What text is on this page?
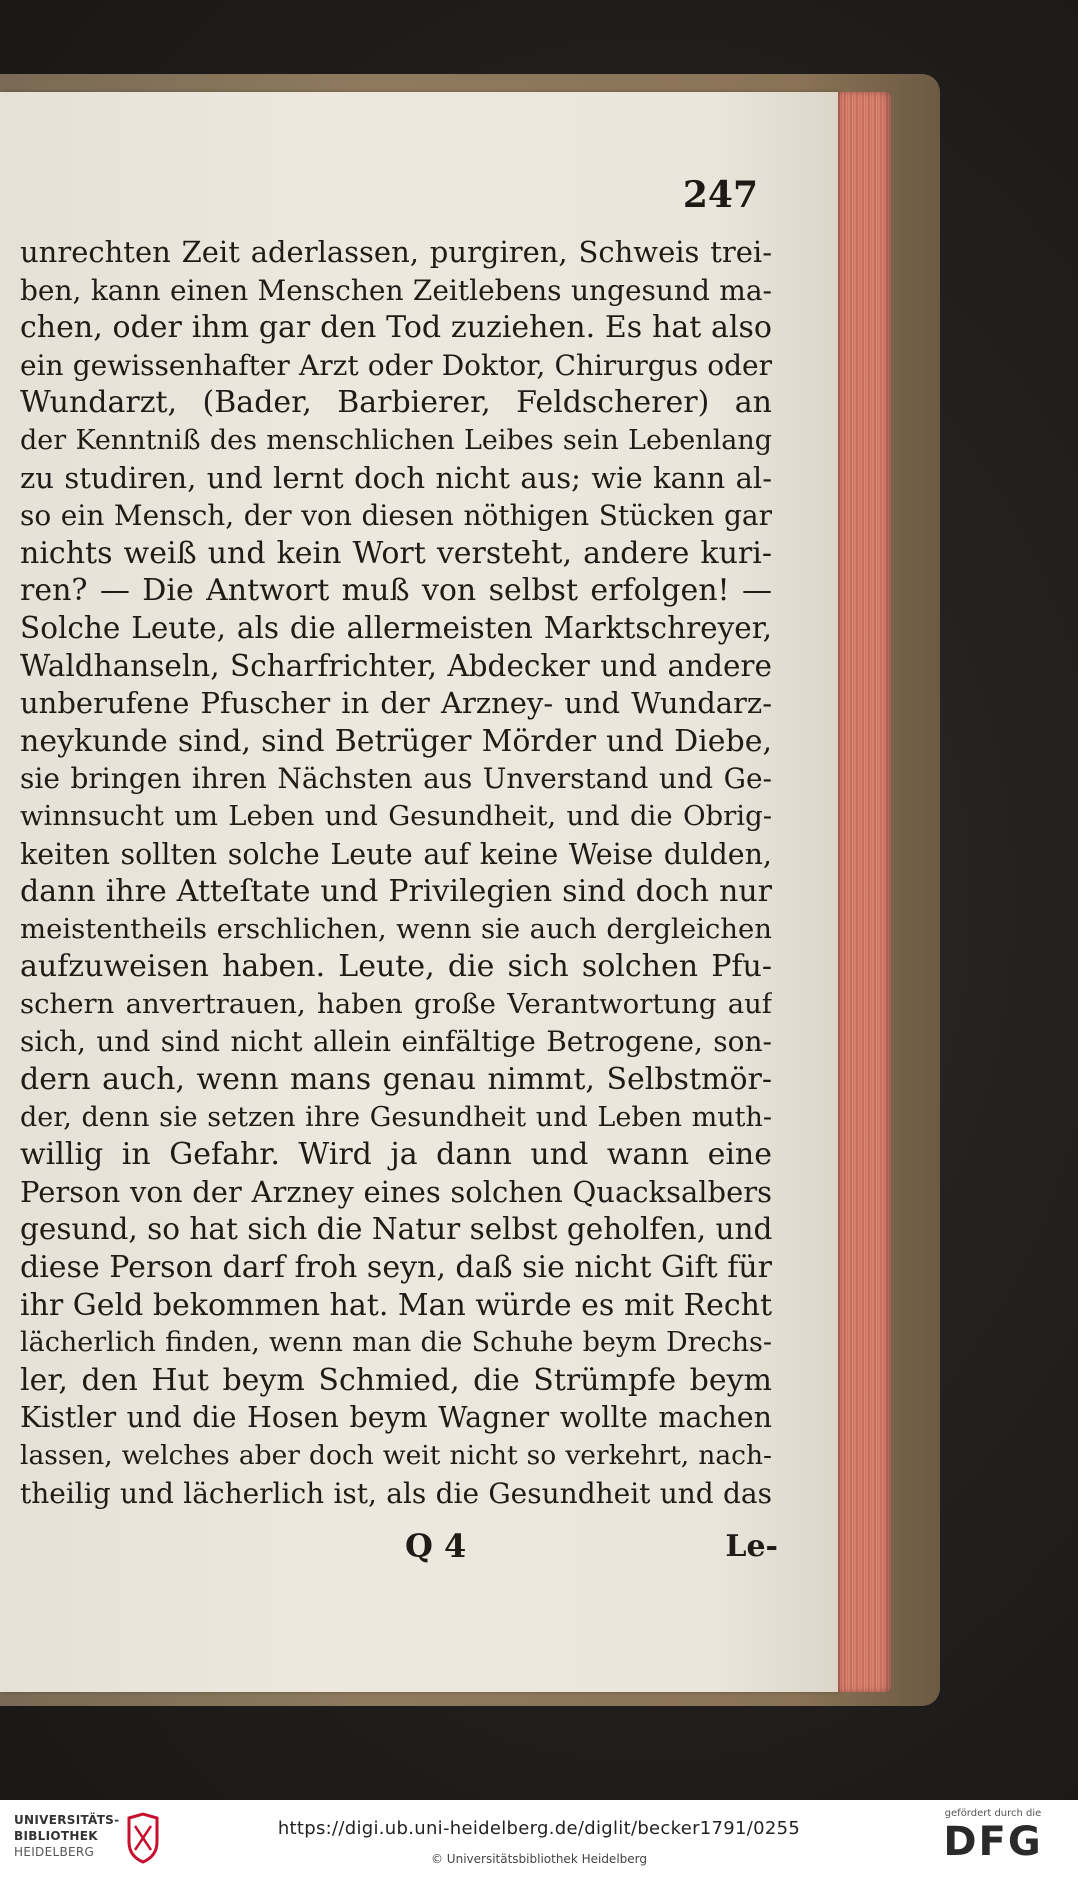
247
unrechten Zeit aderlassen, purgiren, Schweis trei-
ben, kann einen Menschen Zeitlebens ungesund ma-
chen, oder ihm gar den Tod zuziehen. Es hat also
ein gewissenhafter Arzt oder Doktor, Chirurgus oder
Wundarzt, (Bader, Barbierer, Feldscherer) an
der Kenntniß des menschlichen Leibes sein Lebenlang
zu studiren, und lernt doch nicht aus; wie kann al-
so ein Mensch, der von diesen nöthigen Stücken gar
nichts weiß und kein Wort versteht, andere kuri-
ren? — Die Antwort muß von selbst erfolgen! —
Solche Leute, als die allermeisten Marktschreyer,
Waldhanseln, Scharfrichter, Abdecker und andere
unberufene Pfuscher in der Arzney- und Wundarz-
neykunde sind, sind Betrüger Mörder und Diebe,
sie bringen ihren Nächsten aus Unverstand und Ge-
winnsucht um Leben und Gesundheit, und die Obrig-
keiten sollten solche Leute auf keine Weise dulden,
dann ihre Atteſtate und Privilegien sind doch nur
meistentheils erschlichen, wenn sie auch dergleichen
aufzuweisen haben. Leute, die sich solchen Pfu-
schern anvertrauen, haben große Verantwortung auf
sich, und sind nicht allein einfältige Betrogene, son-
dern auch, wenn mans genau nimmt, Selbstmör-
der, denn sie setzen ihre Gesundheit und Leben muth-
willig in Gefahr. Wird ja dann und wann eine
Person von der Arzney eines solchen Quacksalbers
gesund, so hat sich die Natur selbst geholfen, und
diese Person darf froh seyn, daß sie nicht Gift für
ihr Geld bekommen hat. Man würde es mit Recht
lächerlich finden, wenn man die Schuhe beym Drechs-
ler, den Hut beym Schmied, die Strümpfe beym
Kistler und die Hosen beym Wagner wollte machen
lassen, welches aber doch weit nicht so verkehrt, nach-
theilig und lächerlich ist, als die Gesundheit und das
Q 4	Le-
UNIVERSITÄTS-
BIBLIOTHEK
HEIDELBERG
https://digi.ub.uni-heidelberg.de/diglit/becker1791/0255
© Universitätsbibliothek Heidelberg
gefördert durch die
DFG
